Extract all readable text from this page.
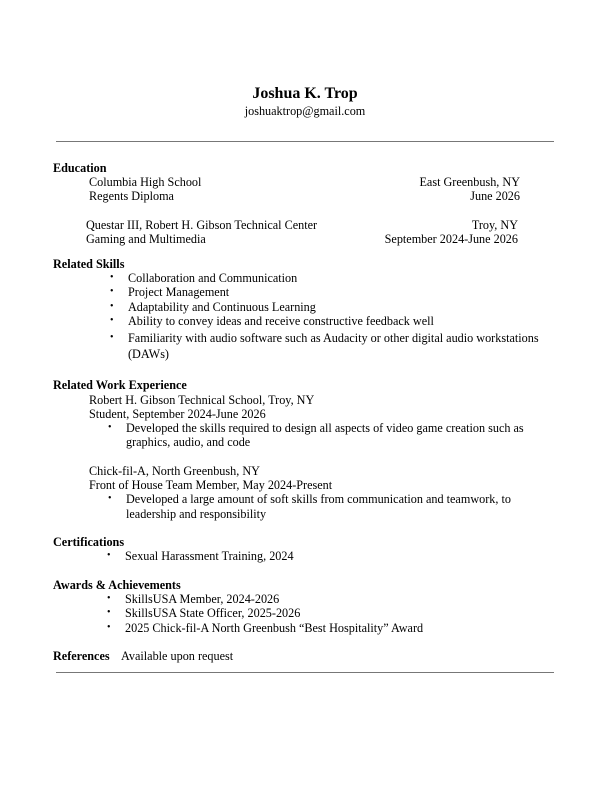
Joshua K. Trop
joshuaktrop@gmail.com
Education
Columbia High School	East Greenbush, NY
Regents Diploma	June 2026
Questar III, Robert H. Gibson Technical Center	Troy, NY
Gaming and Multimedia	September 2024-June 2026
Related Skills
• Collaboration and Communication
• Project Management
• Adaptability and Continuous Learning
• Ability to convey ideas and receive constructive feedback well
• Familiarity with audio software such as Audacity or other digital audio workstations
(DAWs)
Related Work Experience
Robert H. Gibson Technical School, Troy, NY
Student, September 2024-June 2026
• Developed the skills required to design all aspects of video game creation such as
graphics, audio, and code
Chick-fil-A, North Greenbush, NY
Front of House Team Member, May 2024-Present
• Developed a large amount of soft skills from communication and teamwork, to
leadership and responsibility
Certifications
• Sexual Harassment Training, 2024
Awards & Achievements
• SkillsUSA Member, 2024-2026
• SkillsUSA State Officer, 2025-2026
• 2025 Chick-fil-A North Greenbush “Best Hospitality” Award
References Available upon request
